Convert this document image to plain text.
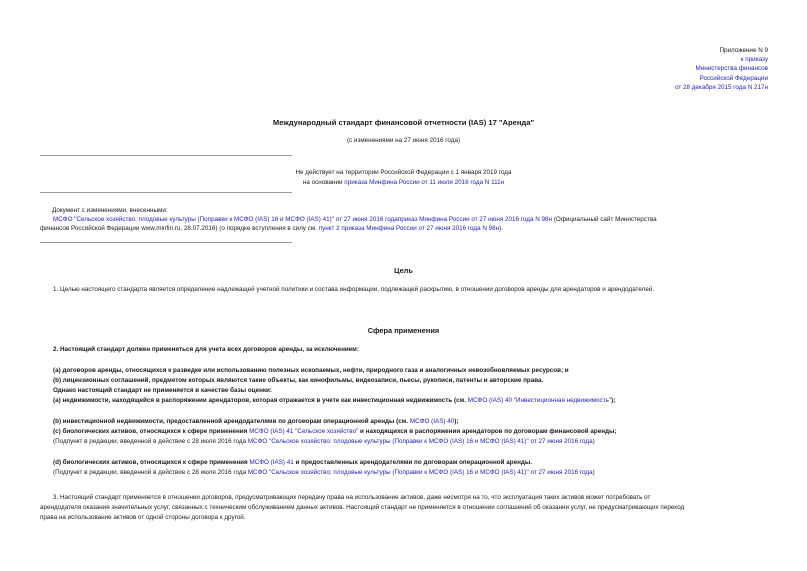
Приложение N 9
к приказу
Министерства финансов
Российской Федерации
от 28 декабря 2015 года N 217н
Международный стандарт финансовой отчетности (IAS) 17 "Аренда"
(с изменениями на 27 июня 2016 года)
Не действует на территории Российской Федерации с 1 января 2019 года
на основании приказа Минфина России от 11 июля 2016 года N 111н
Документ с изменениями, внесенными:
МСФО "Сельское хозяйство: плодовые культуры (Поправки к МСФО (IAS) 16 и МСФО (IAS) 41)" от 27 июня 2016 годаприказ Минфина России от 27 июня 2016 года N 98н (Официальный сайт Министерства
финансов Российской Федерации www.minfin.ru, 28.07.2016) (о порядке вступления в силу см. пункт 2 приказа Минфина России от 27 июня 2016 года N 98н).
Цель
1. Целью настоящего стандарта является определение надлежащей учетной политики и состава информации, подлежащей раскрытию, в отношении договоров аренды для арендаторов и арендодателей.
Сфера применения
2. Настоящий стандарт должен применяться для учета всех договоров аренды, за исключением:
(a) договоров аренды, относящихся к разведке или использованию полезных ископаемых, нефти, природного газа и аналогичных невозобновляемых ресурсов; и
(b) лицензионных соглашений, предметом которых являются такие объекты, как кинофильмы, видеозаписи, пьесы, рукописи, патенты и авторские права.
Однако настоящий стандарт не применяется в качестве базы оценки:
(a) недвижимости, находящейся в распоряжении арендаторов, которая отражается в учете как инвестиционная недвижимость (см. МСФО (IAS) 40 "Инвестиционная недвижимость");
(b) инвестиционной недвижимости, предоставленной арендодателями по договорам операционной аренды (см. МСФО (IAS) 40);
(c) биологических активов, относящихся к сфере применения МСФО (IAS) 41 "Сельское хозяйство" и находящихся в распоряжении арендаторов по договорам финансовой аренды;
(Подпункт в редакции, введенной в действие с 28 июля 2016 года МСФО "Сельское хозяйство: плодовые культуры (Поправки к МСФО (IAS) 16 и МСФО (IAS) 41)" от 27 июня 2016 года)
(d) биологических активов, относящихся к сфере применения МСФО (IAS) 41 и предоставленных арендодателями по договорам операционной аренды.
(Подпункт в редакции, введенной в действие с 28 июля 2016 года МСФО "Сельское хозяйство: плодовые культуры (Поправки к МСФО (IAS) 16 и МСФО (IAS) 41)" от 27 июня 2016 года)
3. Настоящий стандарт применяется в отношении договоров, предусматривающих передачу права на использование активов, даже несмотря на то, что эксплуатация таких активов может потребовать от
арендодателя оказания значительных услуг, связанных с техническим обслуживанием данных активов. Настоящий стандарт не применяется в отношении соглашений об оказании услуг, не предусматривающих переход
права на использование активов от одной стороны договора к другой.
